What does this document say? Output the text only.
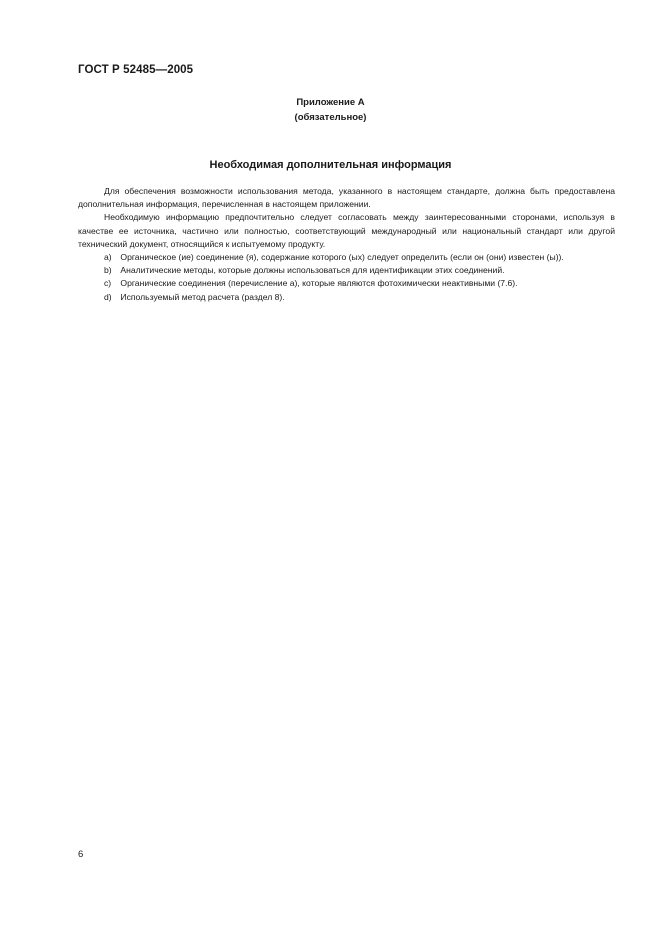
ГОСТ Р 52485—2005
Приложение А
(обязательное)
Необходимая дополнительная информация

Для обеспечения возможности использования метода, указанного в настоящем стандарте, должна быть предоставлена дополнительная информация, перечисленная в настоящем приложении.

Необходимую информацию предпочтительно следует согласовать между заинтересованными сторонами, используя в качестве ее источника, частично или полностью, соответствующий международный или национальный стандарт или другой технический документ, относящийся к испытуемому продукту.

a) Органическое (ие) соединение (я), содержание которого (ых) следует определить (если он (они) известен (ы)).
b) Аналитические методы, которые должны использоваться для идентификации этих соединений.
c) Органические соединения (перечисление а), которые являются фотохимически неактивными (7.6).
d) Используемый метод расчета (раздел 8).
6
